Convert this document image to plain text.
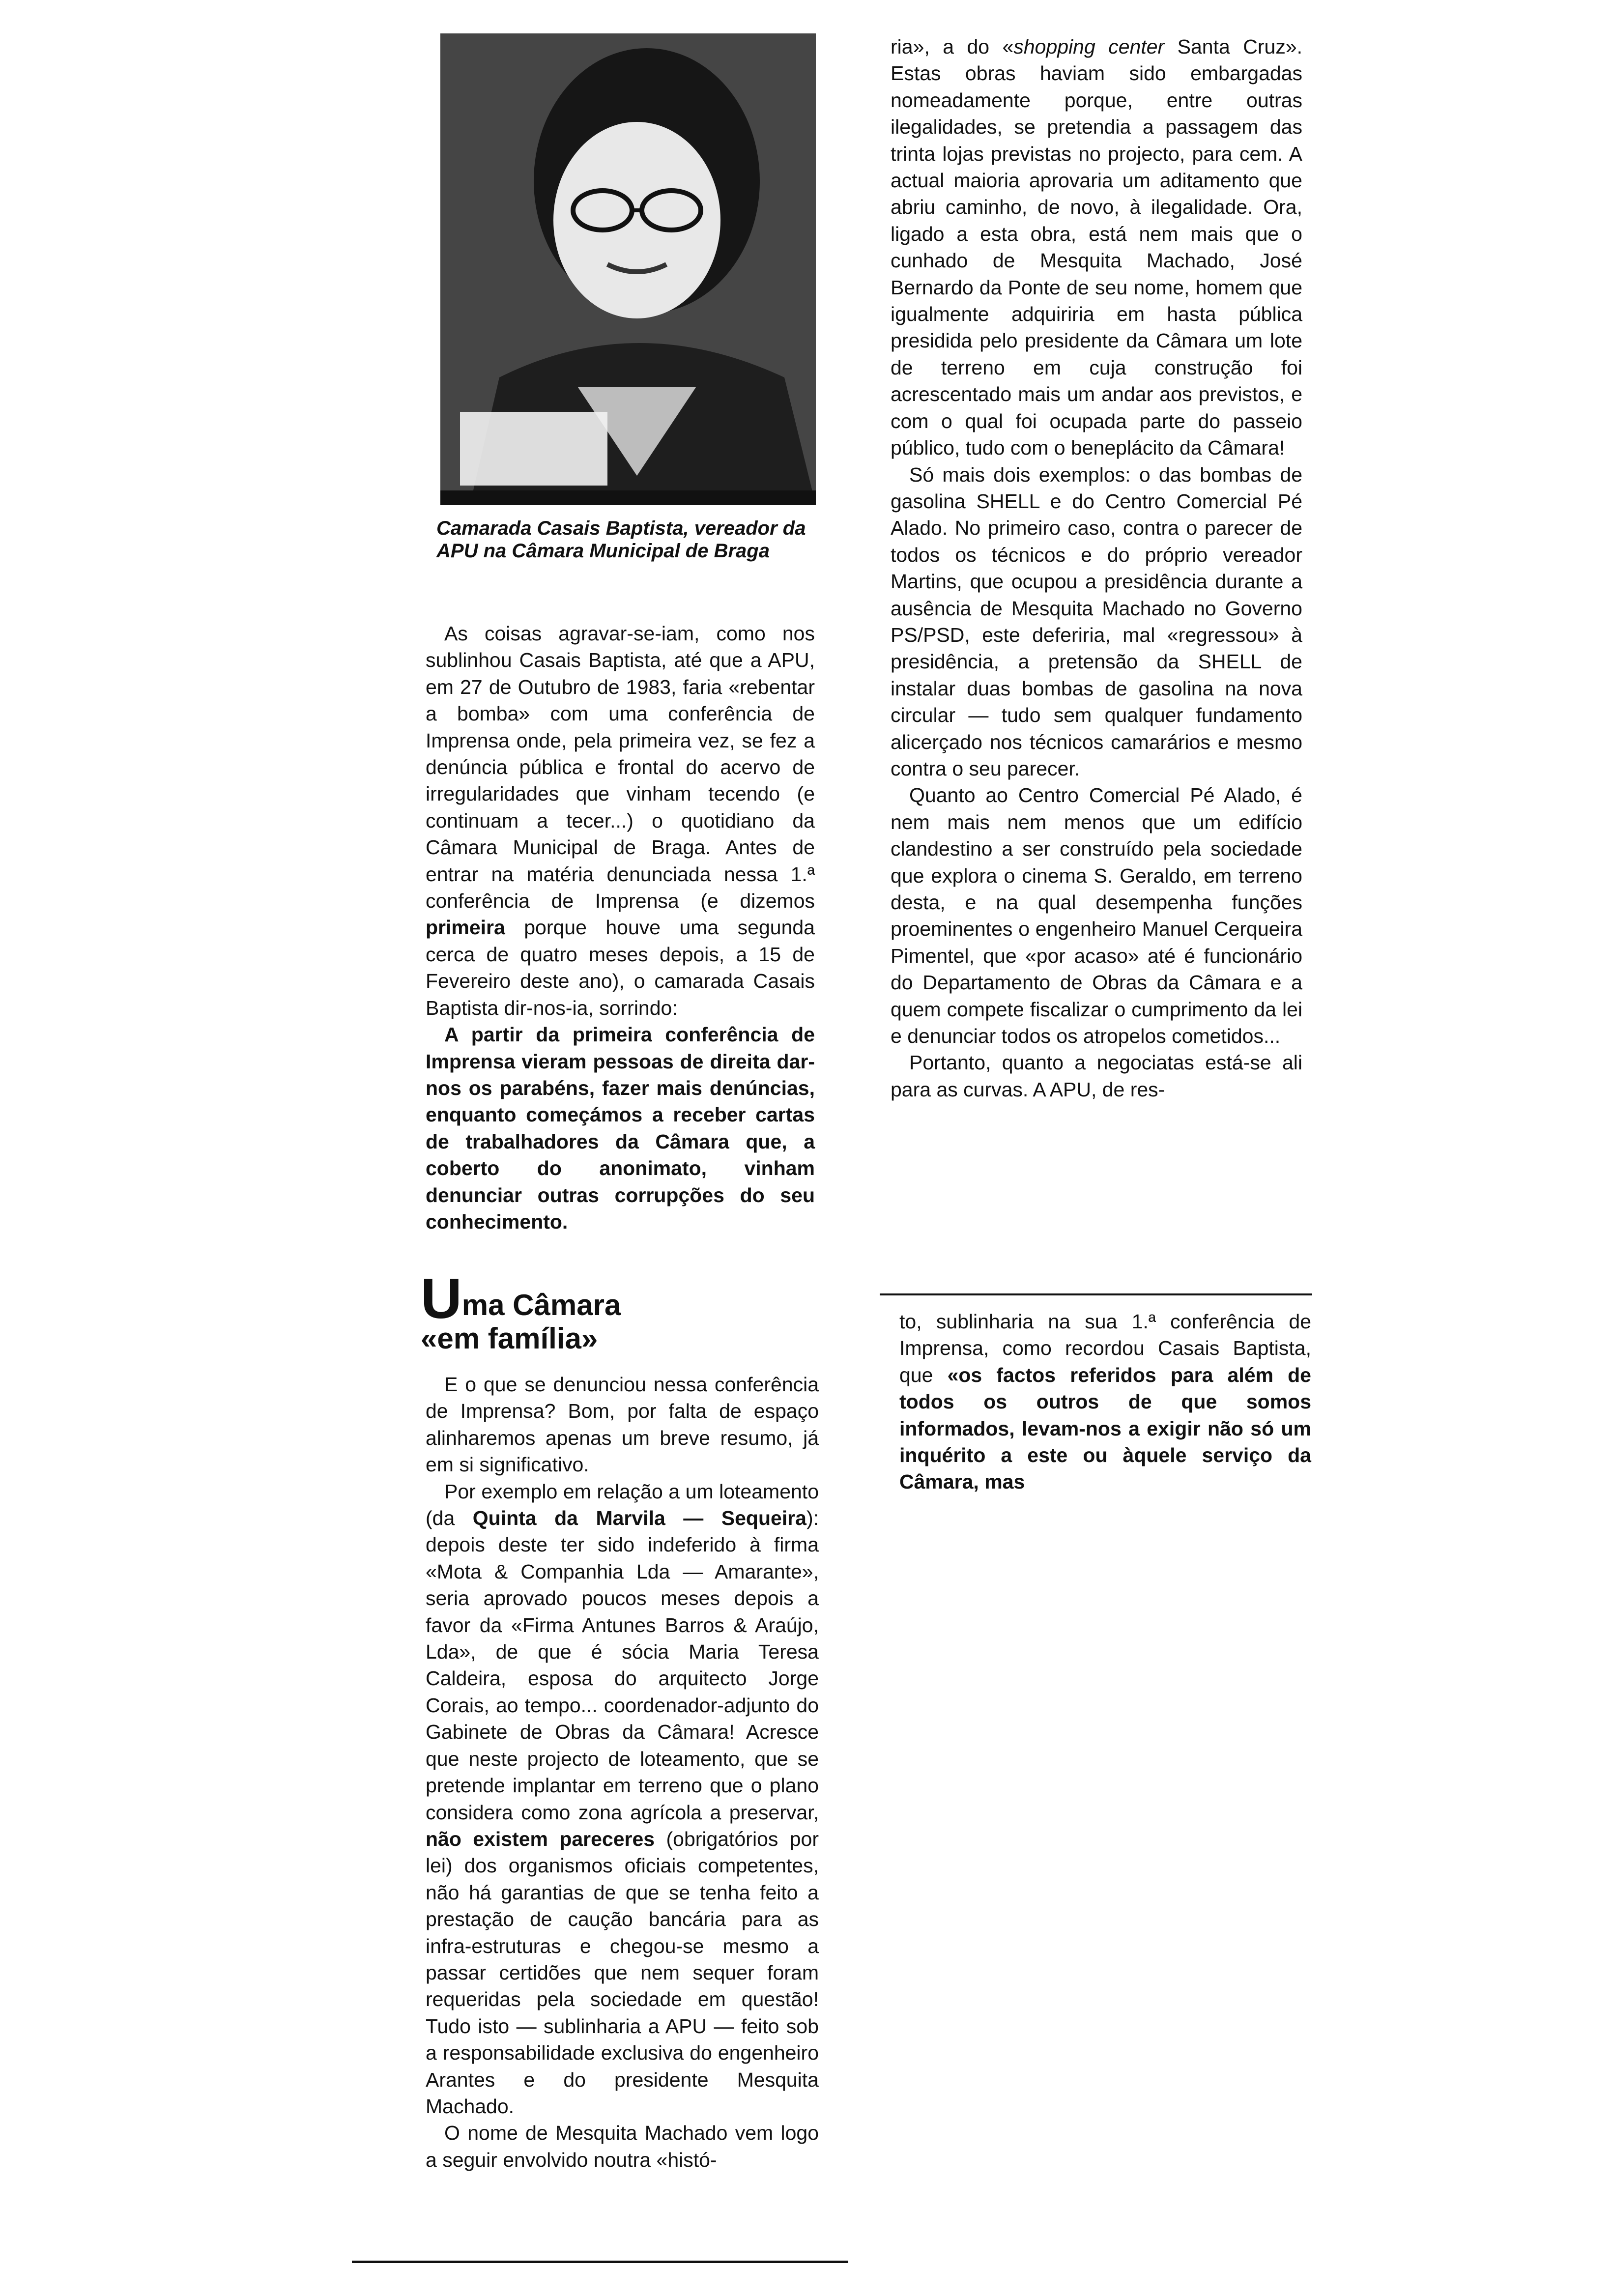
Camarada Casais Baptista, vereador da APU na Câmara Municipal de Braga

As coisas agravar-se-iam, como nos sublinhou Casais Baptista, até que a APU, em 27 de Outubro de 1983, faria «rebentar a bomba» com uma conferência de Imprensa onde, pela primeira vez, se fez a denúncia pública e frontal do acervo de irregularidades que vinham tecendo (e continuam a tecer...) o quotidiano da Câmara Municipal de Braga. Antes de entrar na matéria denunciada nessa 1.ª conferência de Imprensa (e dizemos primeira porque houve uma segunda cerca de quatro meses depois, a 15 de Fevereiro deste ano), o camarada Casais Baptista dir-nos-ia, sorrindo:

A partir da primeira conferência de Imprensa vieram pessoas de direita dar-nos os parabéns, fazer mais denúncias, enquanto começámos a receber cartas de trabalhadores da Câmara que, a coberto do anonimato, vinham denunciar outras corrupções do seu conhecimento.

Uma Câmara
«em família»

E o que se denunciou nessa conferência de Imprensa? Bom, por falta de espaço alinharemos apenas um breve resumo, já em si significativo.

Por exemplo em relação a um loteamento (da Quinta da Marvila — Sequeira): depois deste ter sido indeferido à firma «Mota & Companhia Lda — Amarante», seria aprovado poucos meses depois a favor da «Firma Antunes Barros & Araújo, Lda», de que é sócia Maria Teresa Caldeira, esposa do arquitecto Jorge Corais, ao tempo... coordenador-adjunto do Gabinete de Obras da Câmara! Acresce que neste projecto de loteamento, que se pretende implantar em terreno que o plano considera como zona agrícola a preservar, não existem pareceres (obrigatórios por lei) dos organismos oficiais competentes, não há garantias de que se tenha feito a prestação de caução bancária para as infra-estruturas e chegou-se mesmo a passar certidões que nem sequer foram requeridas pela sociedade em questão! Tudo isto — sublinharia a APU — feito sob a responsabilidade exclusiva do engenheiro Arantes e do presidente Mesquita Machado.

O nome de Mesquita Machado vem logo a seguir envolvido noutra «histó-

ria», a do «shopping center Santa Cruz». Estas obras haviam sido embargadas nomeadamente porque, entre outras ilegalidades, se pretendia a passagem das trinta lojas previstas no projecto, para cem. A actual maioria aprovaria um aditamento que abriu caminho, de novo, à ilegalidade. Ora, ligado a esta obra, está nem mais que o cunhado de Mesquita Machado, José Bernardo da Ponte de seu nome, homem que igualmente adquiriria em hasta pública presidida pelo presidente da Câmara um lote de terreno em cuja construção foi acrescentado mais um andar aos previstos, e com o qual foi ocupada parte do passeio público, tudo com o beneplácito da Câmara!

Só mais dois exemplos: o das bombas de gasolina SHELL e do Centro Comercial Pé Alado. No primeiro caso, contra o parecer de todos os técnicos e do próprio vereador Martins, que ocupou a presidência durante a ausência de Mesquita Machado no Governo PS/PSD, este deferiria, mal «regressou» à presidência, a pretensão da SHELL de instalar duas bombas de gasolina na nova circular — tudo sem qualquer fundamento alicerçado nos técnicos camarários e mesmo contra o seu parecer.

Quanto ao Centro Comercial Pé Alado, é nem mais nem menos que um edifício clandestino a ser construído pela sociedade que explora o cinema S. Geraldo, em terreno desta, e na qual desempenha funções proeminentes o engenheiro Manuel Cerqueira Pimentel, que «por acaso» até é funcionário do Departamento de Obras da Câmara e a quem compete fiscalizar o cumprimento da lei e denunciar todos os atropelos cometidos...

Portanto, quanto a negociatas está-se ali para as curvas. A APU, de res-

to, sublinharia na sua 1.ª conferência de Imprensa, como recordou Casais Baptista, que «os factos referidos para além de todos os outros de que somos informados, levam-nos a exigir não só um inquérito a este ou àquele serviço da Câmara, mas
